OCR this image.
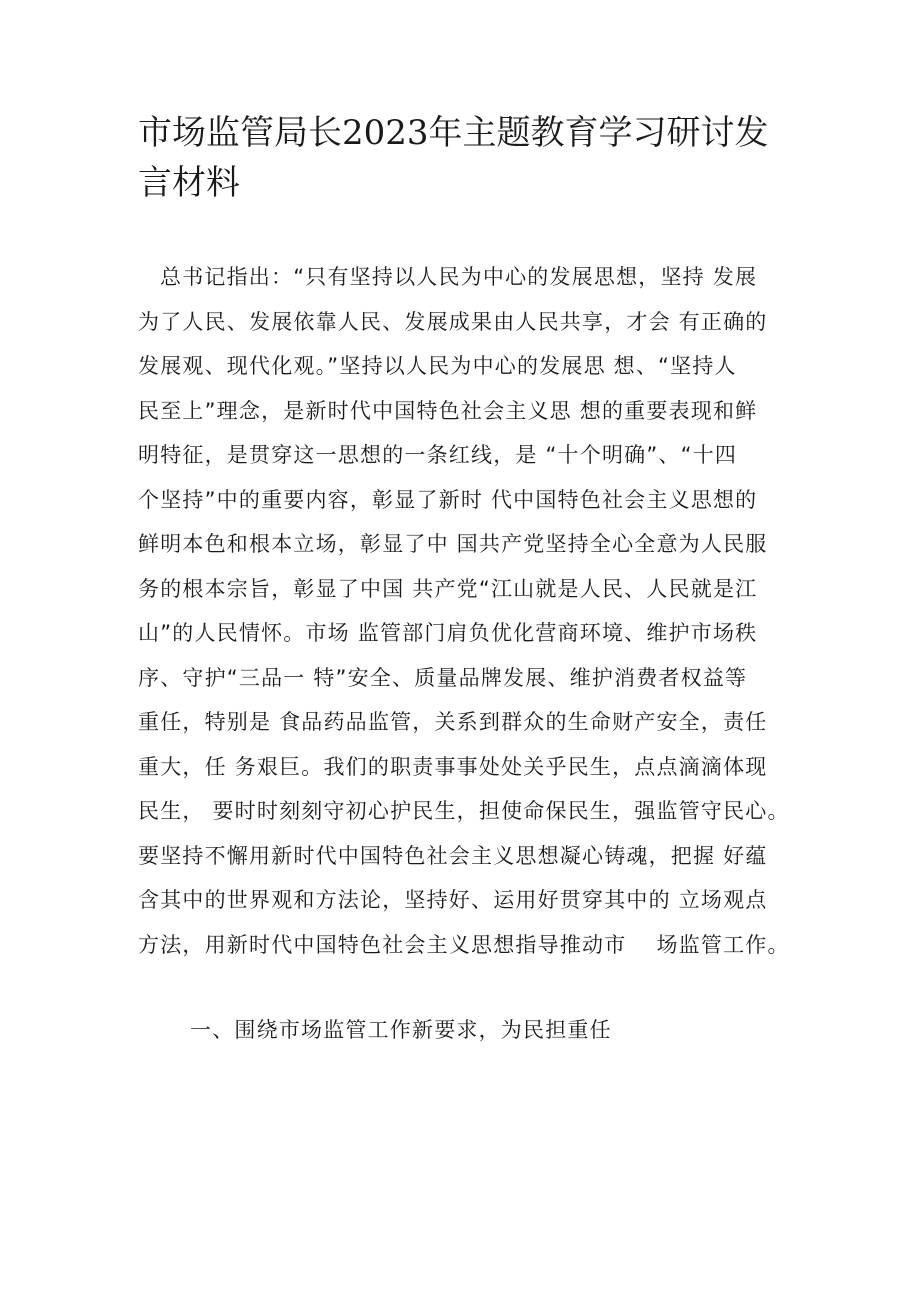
市场监管局长2023年主题教育学习研讨发
言材料
总书记指出：“只有坚持以人民为中心的发展思想，坚持 发展
为了人民、发展依靠人民、发展成果由人民共享，才会 有正确的
发展观、现代化观。”坚持以人民为中心的发展思 想、“坚持人
民至上”理念，是新时代中国特色社会主义思 想的重要表现和鲜
明特征，是贯穿这一思想的一条红线，是 “十个明确”、“十四
个坚持”中的重要内容，彰显了新时 代中国特色社会主义思想的
鲜明本色和根本立场，彰显了中 国共产党坚持全心全意为人民服
务的根本宗旨，彰显了中国 共产党“江山就是人民、人民就是江
山”的人民情怀。市场 监管部门肩负优化营商环境、维护市场秩
序、守护“三品一 特”安全、质量品牌发展、维护消费者权益等
重任，特别是 食品药品监管，关系到群众的生命财产安全，责任
重大，任 务艰巨。我们的职责事事处处关乎民生，点点滴滴体现
民生， 要时时刻刻守初心护民生，担使命保民生，强监管守民心。
要坚持不懈用新时代中国特色社会主义思想凝心铸魂，把握 好蕴
含其中的世界观和方法论，坚持好、运用好贯穿其中的 立场观点
方法，用新时代中国特色社会主义思想指导推动市　 场监管工作。
一、围绕市场监管工作新要求，为民担重任
